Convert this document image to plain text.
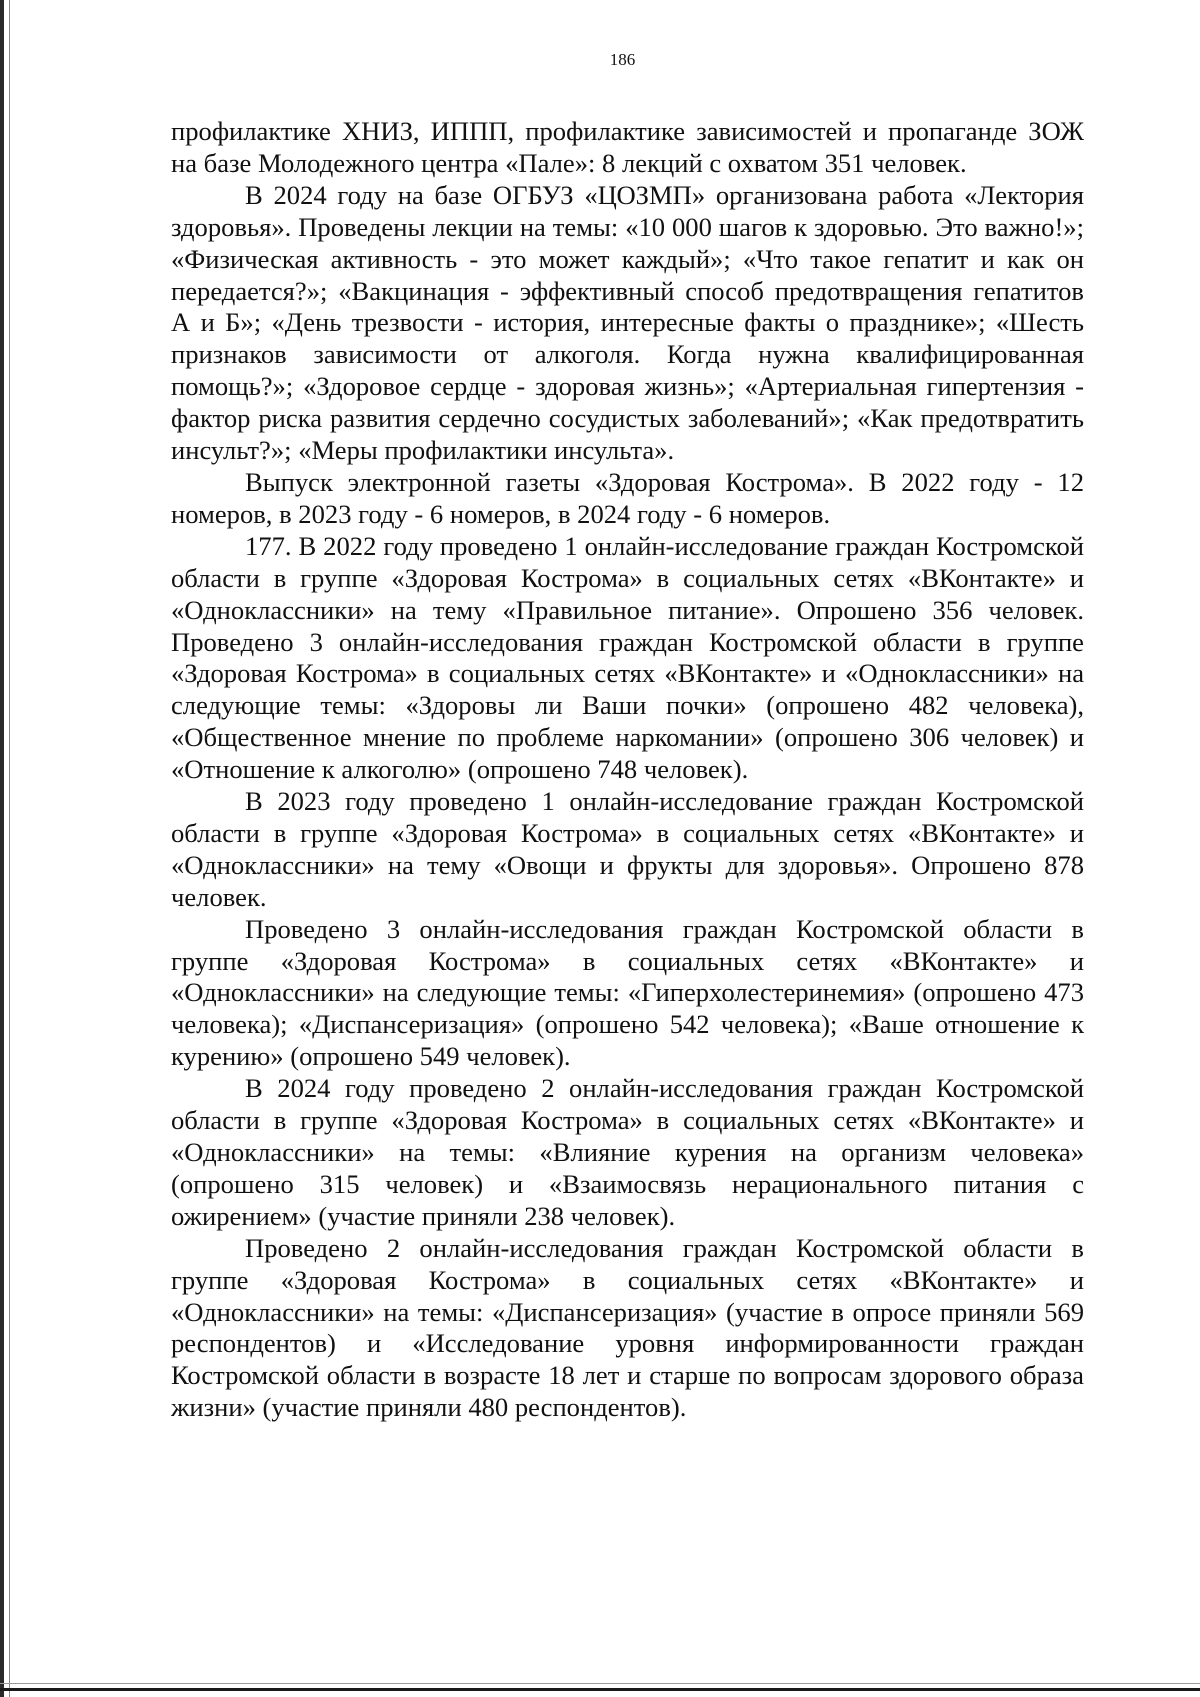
186

профилактике ХНИЗ, ИППП, профилактике зависимостей и пропаганде ЗОЖ на базе Молодежного центра «Пале»: 8 лекций с охватом 351 человек.

В 2024 году на базе ОГБУЗ «ЦОЗМП» организована работа «Лектория здоровья». Проведены лекции на темы: «10 000 шагов к здоровью. Это важно!»; «Физическая активность - это может каждый»; «Что такое гепатит и как он передается?»; «Вакцинация - эффективный способ предотвращения гепатитов А и Б»; «День трезвости - история, интересные факты о празднике»; «Шесть признаков зависимости от алкоголя. Когда нужна квалифицированная помощь?»; «Здоровое сердце - здоровая жизнь»; «Артериальная гипертензия - фактор риска развития сердечно сосудистых заболеваний»; «Как предотвратить инсульт?»; «Меры профилактики инсульта».

Выпуск электронной газеты «Здоровая Кострома». В 2022 году - 12 номеров, в 2023 году - 6 номеров, в 2024 году - 6 номеров.

177. В 2022 году проведено 1 онлайн-исследование граждан Костромской области в группе «Здоровая Кострома» в социальных сетях «ВКонтакте» и «Одноклассники» на тему «Правильное питание». Опрошено 356 человек. Проведено 3 онлайн-исследования граждан Костромской области в группе «Здоровая Кострома» в социальных сетях «ВКонтакте» и «Одноклассники» на следующие темы: «Здоровы ли Ваши почки» (опрошено 482 человека), «Общественное мнение по проблеме наркомании» (опрошено 306 человек) и «Отношение к алкоголю» (опрошено 748 человек).

В 2023 году проведено 1 онлайн-исследование граждан Костромской области в группе «Здоровая Кострома» в социальных сетях «ВКонтакте» и «Одноклассники» на тему «Овощи и фрукты для здоровья». Опрошено 878 человек.

Проведено 3 онлайн-исследования граждан Костромской области в группе «Здоровая Кострома» в социальных сетях «ВКонтакте» и «Одноклассники» на следующие темы: «Гиперхолестеринемия» (опрошено 473 человека); «Диспансеризация» (опрошено 542 человека); «Ваше отношение к курению» (опрошено 549 человек).

В 2024 году проведено 2 онлайн-исследования граждан Костромской области в группе «Здоровая Кострома» в социальных сетях «ВКонтакте» и «Одноклассники» на темы: «Влияние курения на организм человека» (опрошено 315 человек) и «Взаимосвязь нерационального питания с ожирением» (участие приняли 238 человек).

Проведено 2 онлайн-исследования граждан Костромской области в группе «Здоровая Кострома» в социальных сетях «ВКонтакте» и «Одноклассники» на темы: «Диспансеризация» (участие в опросе приняли 569 респондентов) и «Исследование уровня информированности граждан Костромской области в возрасте 18 лет и старше по вопросам здорового образа жизни» (участие приняли 480 респондентов).
